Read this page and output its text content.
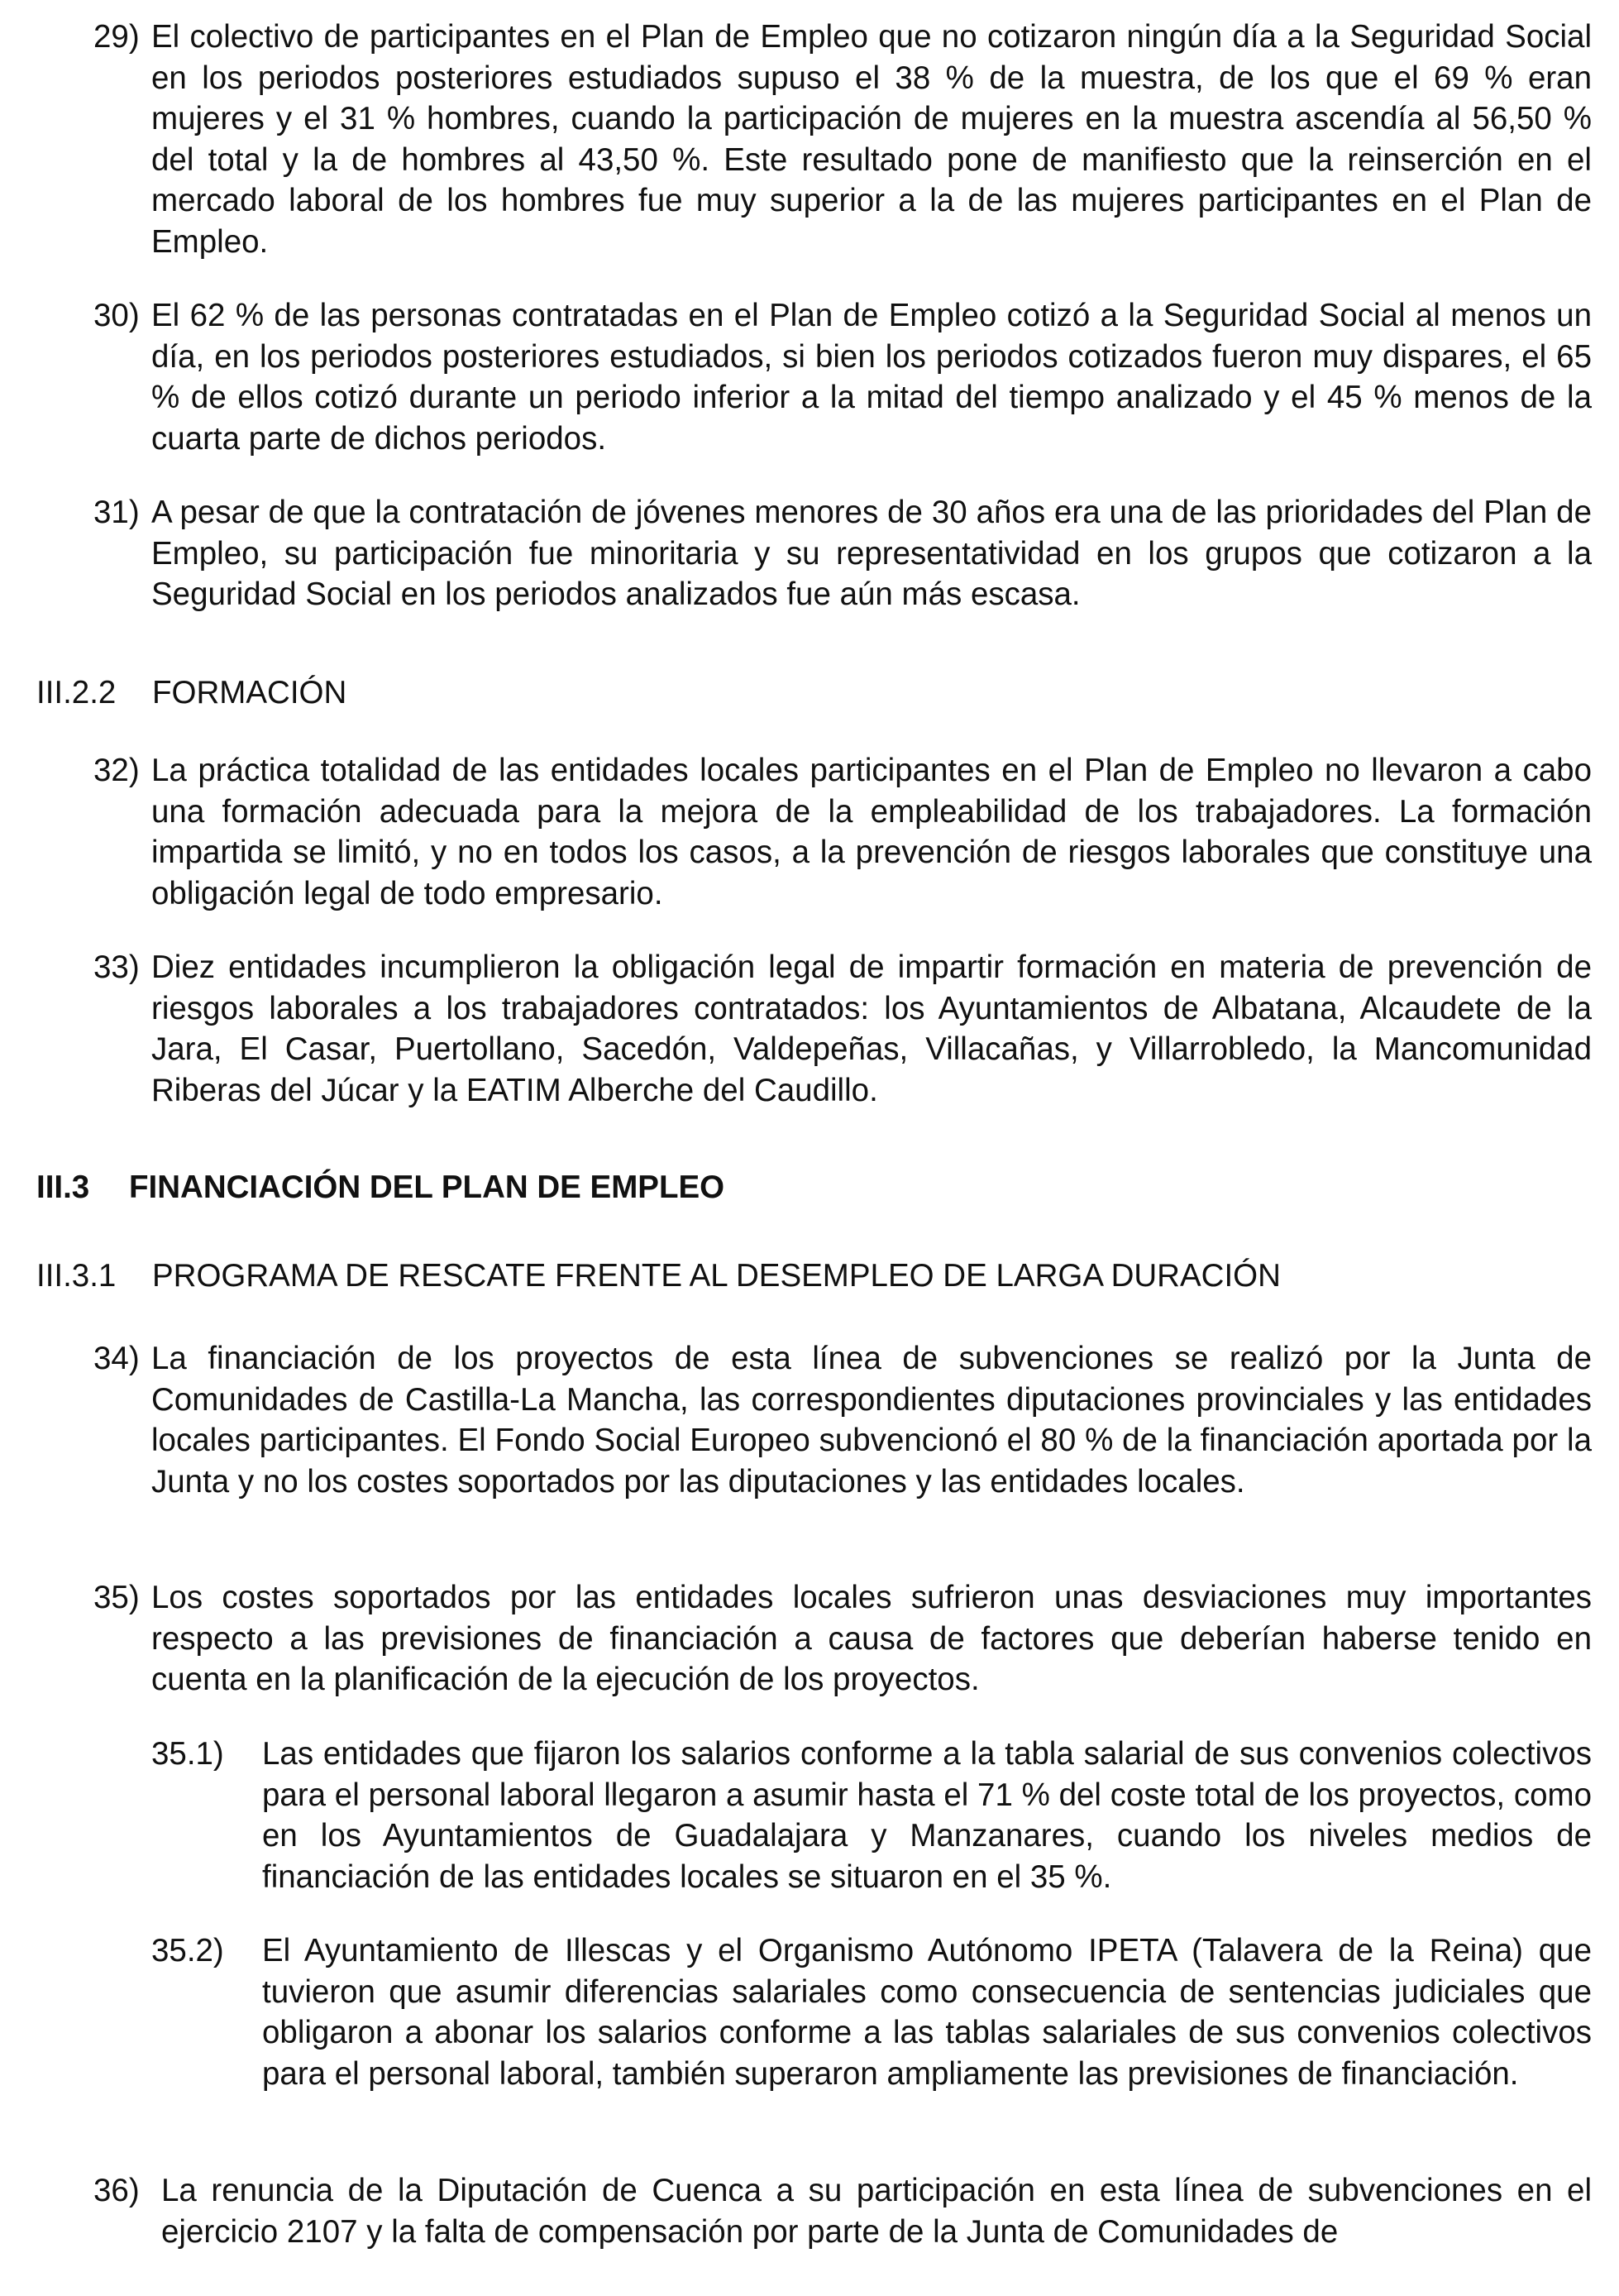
29) El colectivo de participantes en el Plan de Empleo que no cotizaron ningún día a la Seguridad Social en los periodos posteriores estudiados supuso el 38 % de la muestra, de los que el 69 % eran mujeres y el 31 % hombres, cuando la participación de mujeres en la muestra ascendía al 56,50 % del total y la de hombres al 43,50 %. Este resultado pone de manifiesto que la reinserción en el mercado laboral de los hombres fue muy superior a la de las mujeres participantes en el Plan de Empleo.
30) El 62 % de las personas contratadas en el Plan de Empleo cotizó a la Seguridad Social al menos un día, en los periodos posteriores estudiados, si bien los periodos cotizados fueron muy dispares, el 65 % de ellos cotizó durante un periodo inferior a la mitad del tiempo analizado y el 45 % menos de la cuarta parte de dichos periodos.
31) A pesar de que la contratación de jóvenes menores de 30 años era una de las prioridades del Plan de Empleo, su participación fue minoritaria y su representatividad en los grupos que cotizaron a la Seguridad Social en los periodos analizados fue aún más escasa.
III.2.2 FORMACIÓN
32) La práctica totalidad de las entidades locales participantes en el Plan de Empleo no llevaron a cabo una formación adecuada para la mejora de la empleabilidad de los trabajadores. La formación impartida se limitó, y no en todos los casos, a la prevención de riesgos laborales que constituye una obligación legal de todo empresario.
33) Diez entidades incumplieron la obligación legal de impartir formación en materia de prevención de riesgos laborales a los trabajadores contratados: los Ayuntamientos de Albatana, Alcaudete de la Jara, El Casar, Puertollano, Sacedón, Valdepeñas, Villacañas, y Villarrobledo, la Mancomunidad Riberas del Júcar y la EATIM Alberche del Caudillo.
III.3 FINANCIACIÓN DEL PLAN DE EMPLEO
III.3.1 PROGRAMA DE RESCATE FRENTE AL DESEMPLEO DE LARGA DURACIÓN
34) La financiación de los proyectos de esta línea de subvenciones se realizó por la Junta de Comunidades de Castilla-La Mancha, las correspondientes diputaciones provinciales y las entidades locales participantes. El Fondo Social Europeo subvencionó el 80 % de la financiación aportada por la Junta y no los costes soportados por las diputaciones y las entidades locales.
35) Los costes soportados por las entidades locales sufrieron unas desviaciones muy importantes respecto a las previsiones de financiación a causa de factores que deberían haberse tenido en cuenta en la planificación de la ejecución de los proyectos.
35.1) Las entidades que fijaron los salarios conforme a la tabla salarial de sus convenios colectivos para el personal laboral llegaron a asumir hasta el 71 % del coste total de los proyectos, como en los Ayuntamientos de Guadalajara y Manzanares, cuando los niveles medios de financiación de las entidades locales se situaron en el 35 %.
35.2) El Ayuntamiento de Illescas y el Organismo Autónomo IPETA (Talavera de la Reina) que tuvieron que asumir diferencias salariales como consecuencia de sentencias judiciales que obligaron a abonar los salarios conforme a las tablas salariales de sus convenios colectivos para el personal laboral, también superaron ampliamente las previsiones de financiación.
36) La renuncia de la Diputación de Cuenca a su participación en esta línea de subvenciones en el ejercicio 2107 y la falta de compensación por parte de la Junta de Comunidades de
